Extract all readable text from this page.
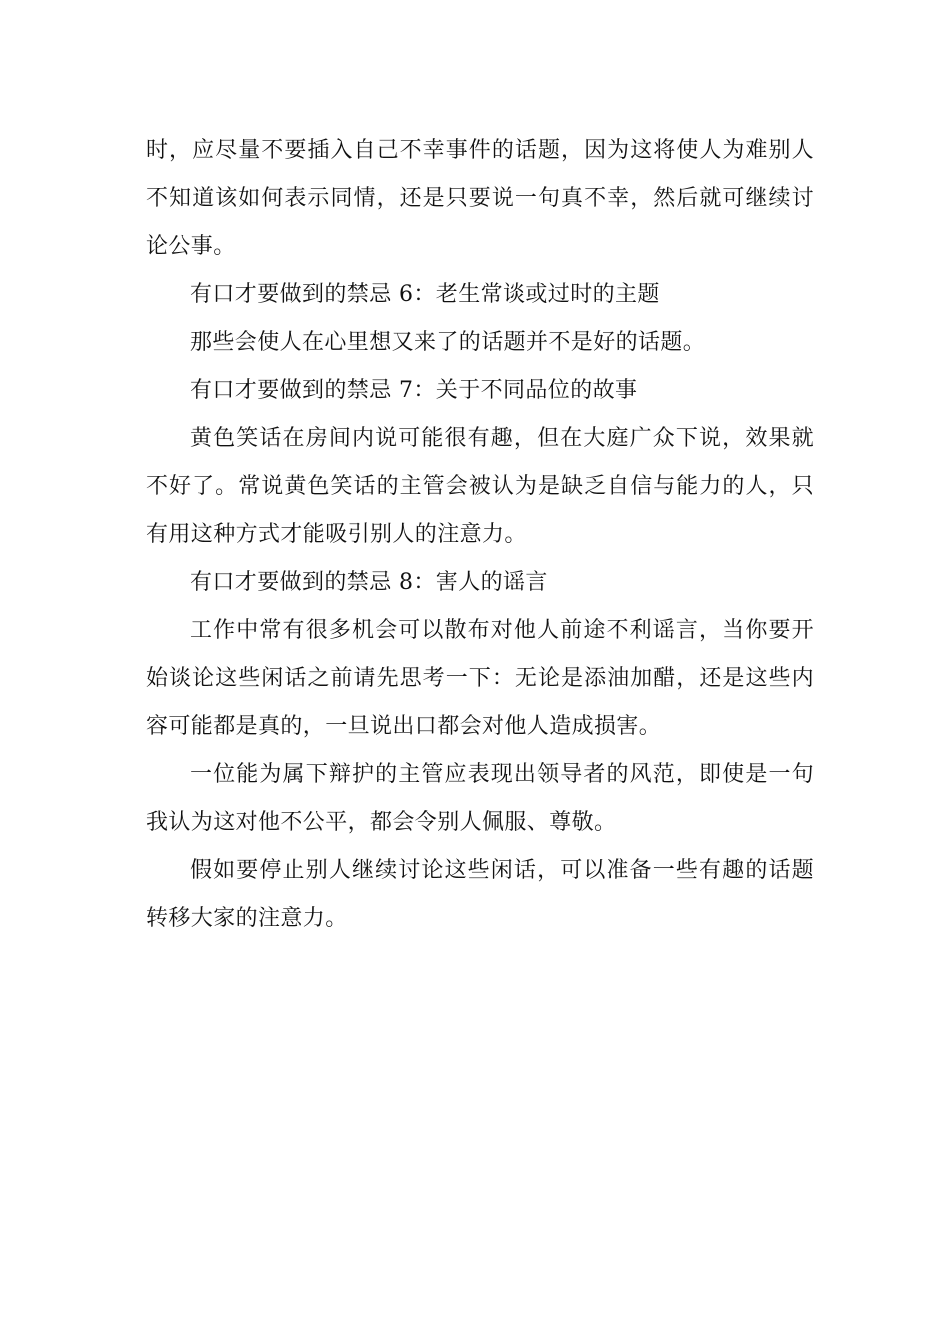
时，应尽量不要插入自己不幸事件的话题，因为这将使人为难别人不知道该如何表示同情，还是只要说一句真不幸，然后就可继续讨论公事。

有口才要做到的禁忌 6：老生常谈或过时的主题

那些会使人在心里想又来了的话题并不是好的话题。

有口才要做到的禁忌 7：关于不同品位的故事

黄色笑话在房间内说可能很有趣，但在大庭广众下说，效果就不好了。常说黄色笑话的主管会被认为是缺乏自信与能力的人，只有用这种方式才能吸引别人的注意力。

有口才要做到的禁忌 8：害人的谣言

工作中常有很多机会可以散布对他人前途不利谣言，当你要开始谈论这些闲话之前请先思考一下：无论是添油加醋，还是这些内容可能都是真的，一旦说出口都会对他人造成损害。

一位能为属下辩护的主管应表现出领导者的风范，即使是一句我认为这对他不公平，都会令别人佩服、尊敬。

假如要停止别人继续讨论这些闲话，可以准备一些有趣的话题转移大家的注意力。
